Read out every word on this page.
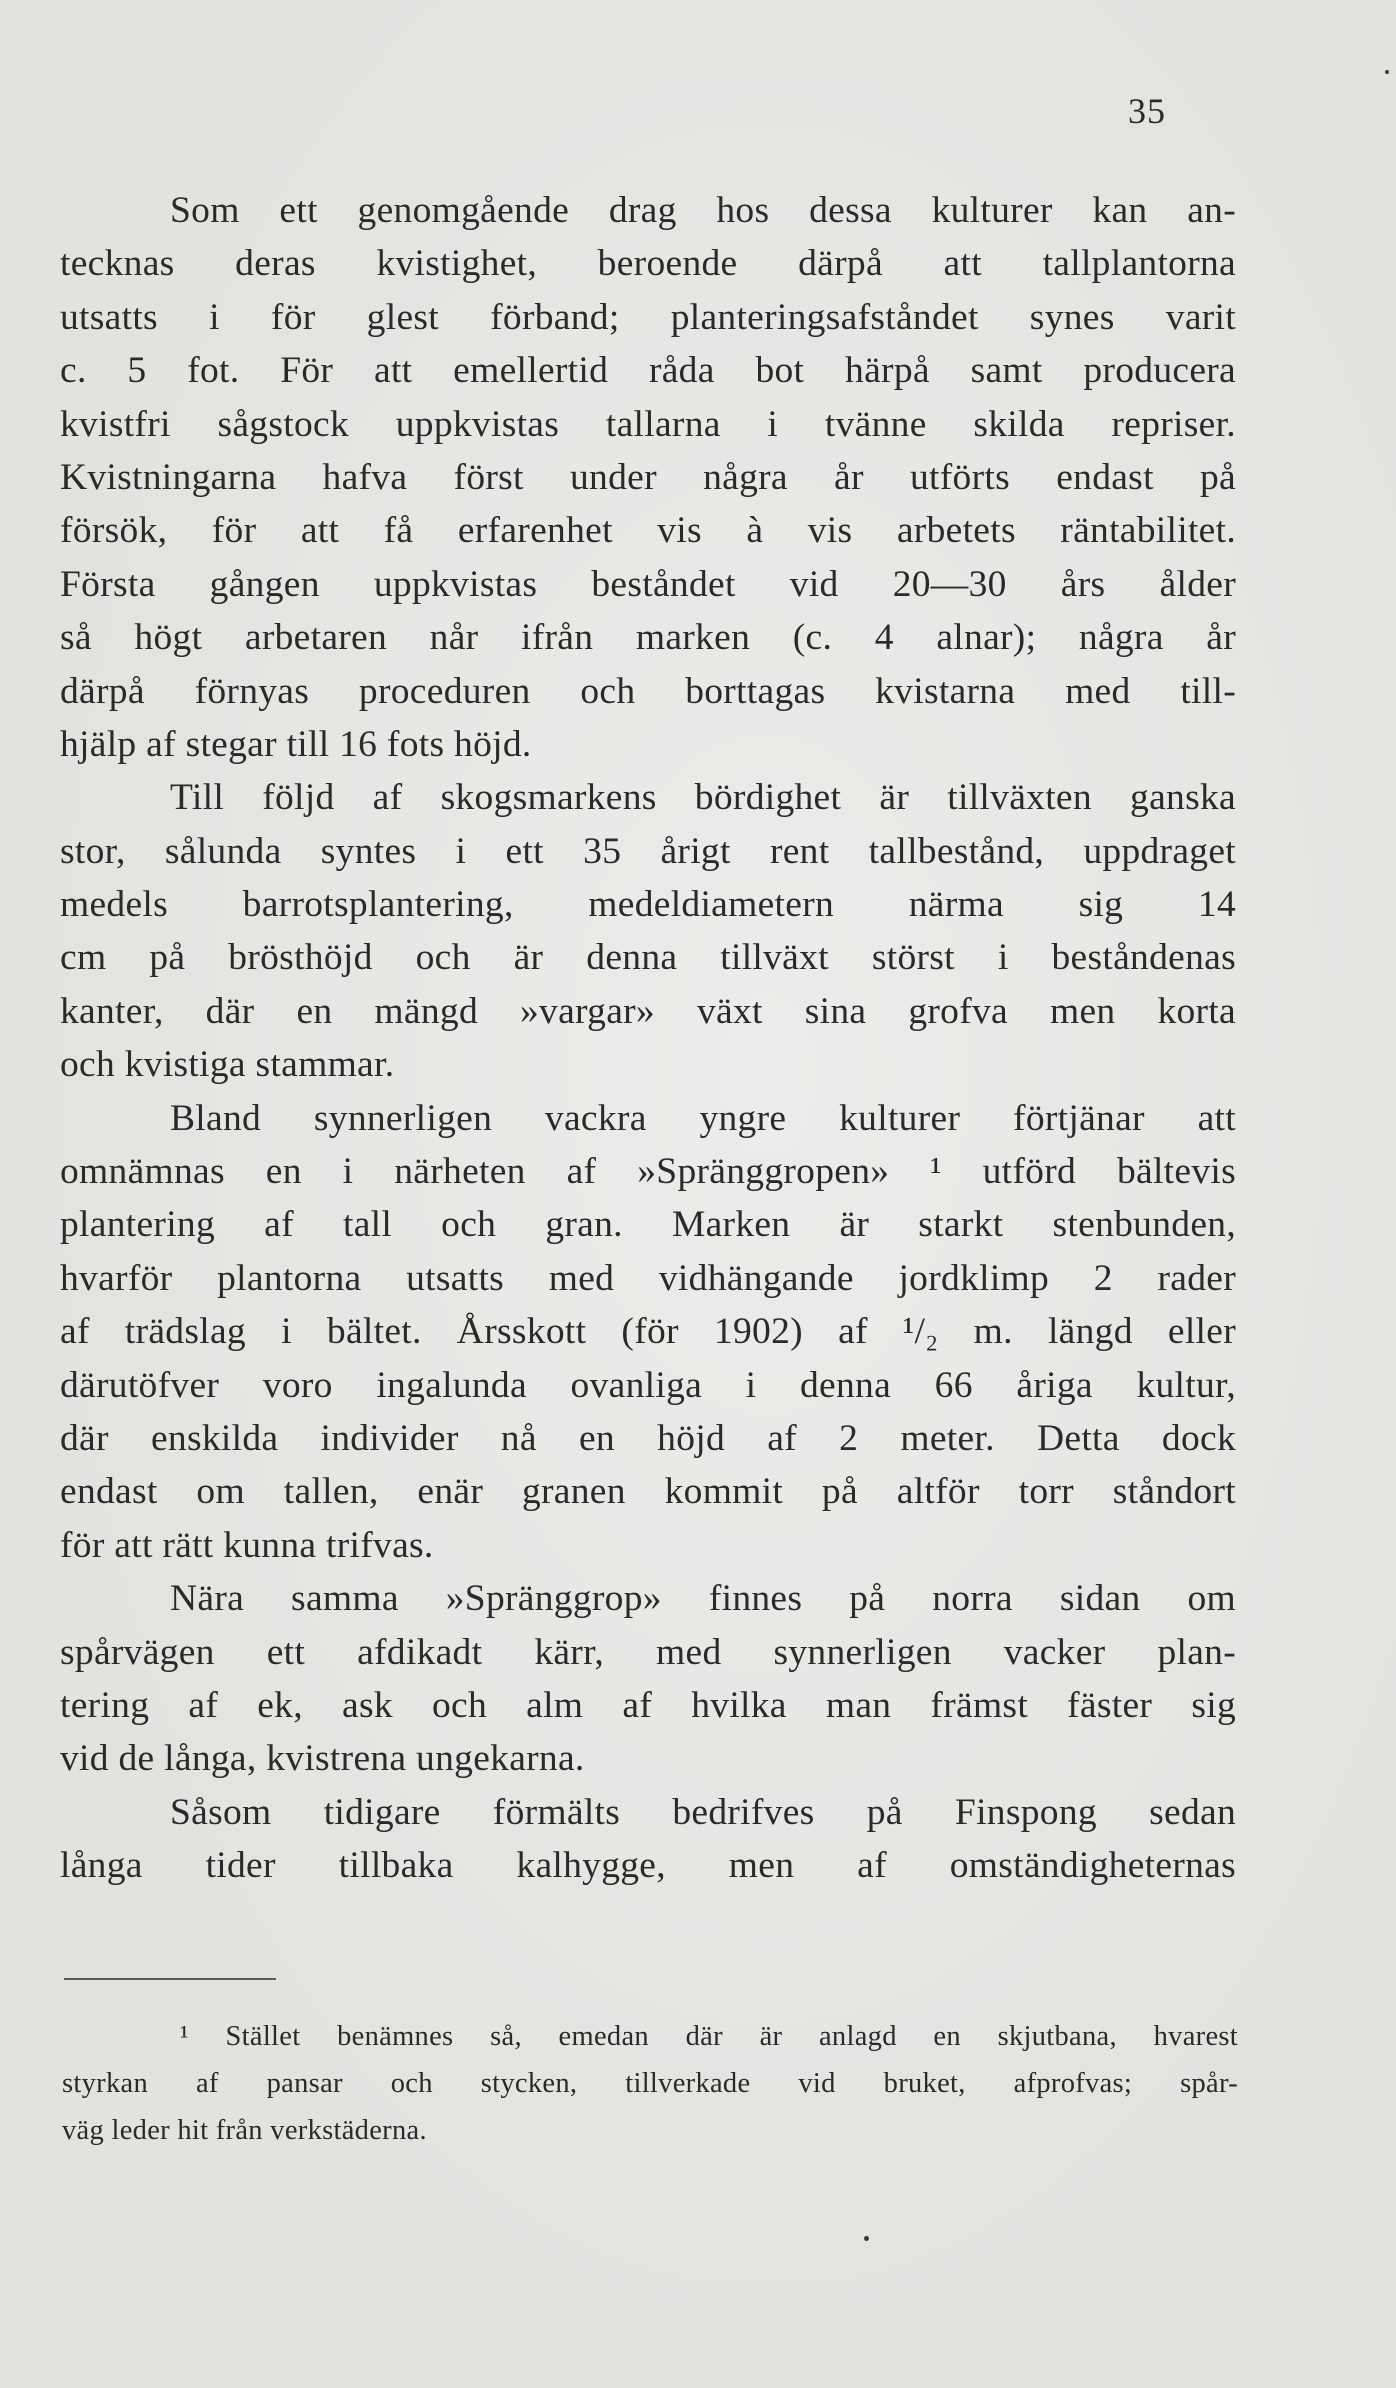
35
Som ett genomgående drag hos dessa kulturer kan an-
tecknas deras kvistighet, beroende därpå att tallplantorna
utsatts i för glest förband; planteringsafståndet synes varit
c. 5 fot. För att emellertid råda bot härpå samt producera
kvistfri sågstock uppkvistas tallarna i tvänne skilda repriser.
Kvistningarna hafva först under några år utförts endast på
försök, för att få erfarenhet vis à vis arbetets räntabilitet.
Första gången uppkvistas beståndet vid 20—30 års ålder
så högt arbetaren når ifrån marken (c. 4 alnar); några år
därpå förnyas proceduren och borttagas kvistarna med till-
hjälp af stegar till 16 fots höjd.
Till följd af skogsmarkens bördighet är tillväxten ganska
stor, sålunda syntes i ett 35 årigt rent tallbestånd, uppdraget
medels barrotsplantering, medeldiametern närma sig 14
cm på brösthöjd och är denna tillväxt störst i beståndenas
kanter, där en mängd »vargar» växt sina grofva men korta
och kvistiga stammar.
Bland synnerligen vackra yngre kulturer förtjänar att
omnämnas en i närheten af »Spränggropen» ¹ utförd bältevis
plantering af tall och gran. Marken är starkt stenbunden,
hvarför plantorna utsatts med vidhängande jordklimp 2 rader
af trädslag i bältet. Årsskott (för 1902) af ¹/₂ m. längd eller
därutöfver voro ingalunda ovanliga i denna 66 åriga kultur,
där enskilda individer nå en höjd af 2 meter. Detta dock
endast om tallen, enär granen kommit på altför torr ståndort
för att rätt kunna trifvas.
Nära samma »Spränggrop» finnes på norra sidan om
spårvägen ett afdikadt kärr, med synnerligen vacker plan-
tering af ek, ask och alm af hvilka man främst fäster sig
vid de långa, kvistrena ungekarna.
Såsom tidigare förmälts bedrifves på Finspong sedan
långa tider tillbaka kalhygge, men af omständigheternas
¹ Stället benämnes så, emedan där är anlagd en skjutbana, hvarest
styrkan af pansar och stycken, tillverkade vid bruket, afprofvas; spår-
väg leder hit från verkstäderna.
